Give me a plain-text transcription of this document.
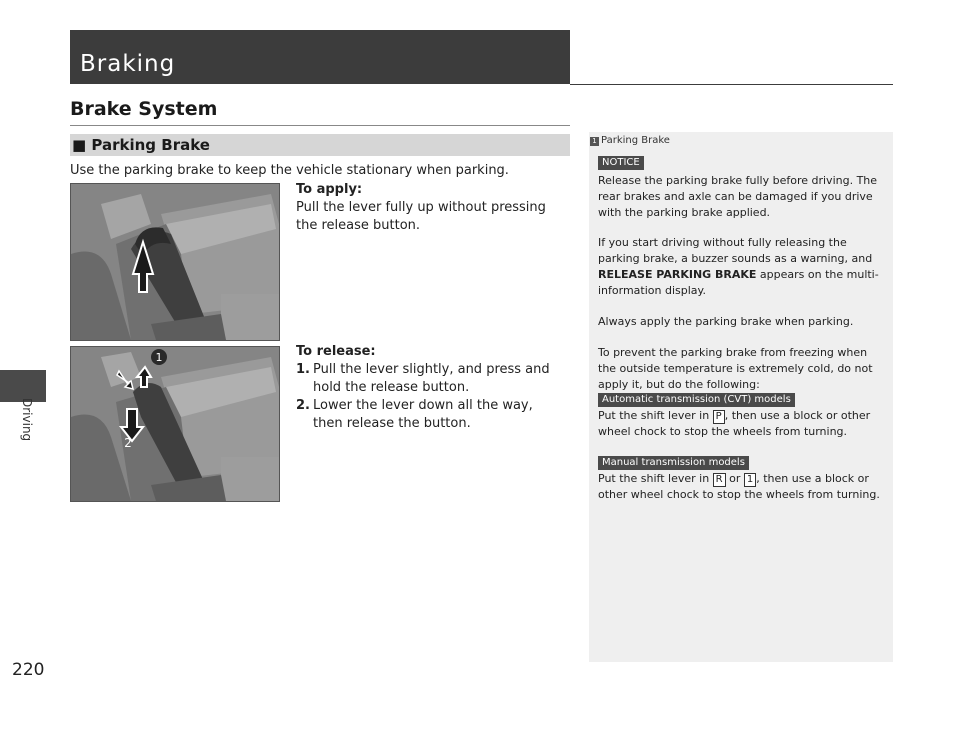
Driving
220
Braking
Brake System
■ Parking Brake
Use the parking brake to keep the vehicle stationary when parking.
1
2
To apply:
Pull the lever fully up without pressing the release button.
To release:
1. Pull the lever slightly, and press and hold the release button.
2. Lower the lever down all the way, then release the button.
1 Parking Brake
NOTICE
Release the parking brake fully before driving. The rear brakes and axle can be damaged if you drive with the parking brake applied.
If you start driving without fully releasing the parking brake, a buzzer sounds as a warning, and RELEASE PARKING BRAKE appears on the multi-information display.
Always apply the parking brake when parking.
To prevent the parking brake from freezing when the outside temperature is extremely cold, do not apply it, but do the following:
Automatic transmission (CVT) models
Put the shift lever in P , then use a block or other wheel chock to stop the wheels from turning.
Manual transmission models
Put the shift lever in R or 1 , then use a block or other wheel chock to stop the wheels from turning.
